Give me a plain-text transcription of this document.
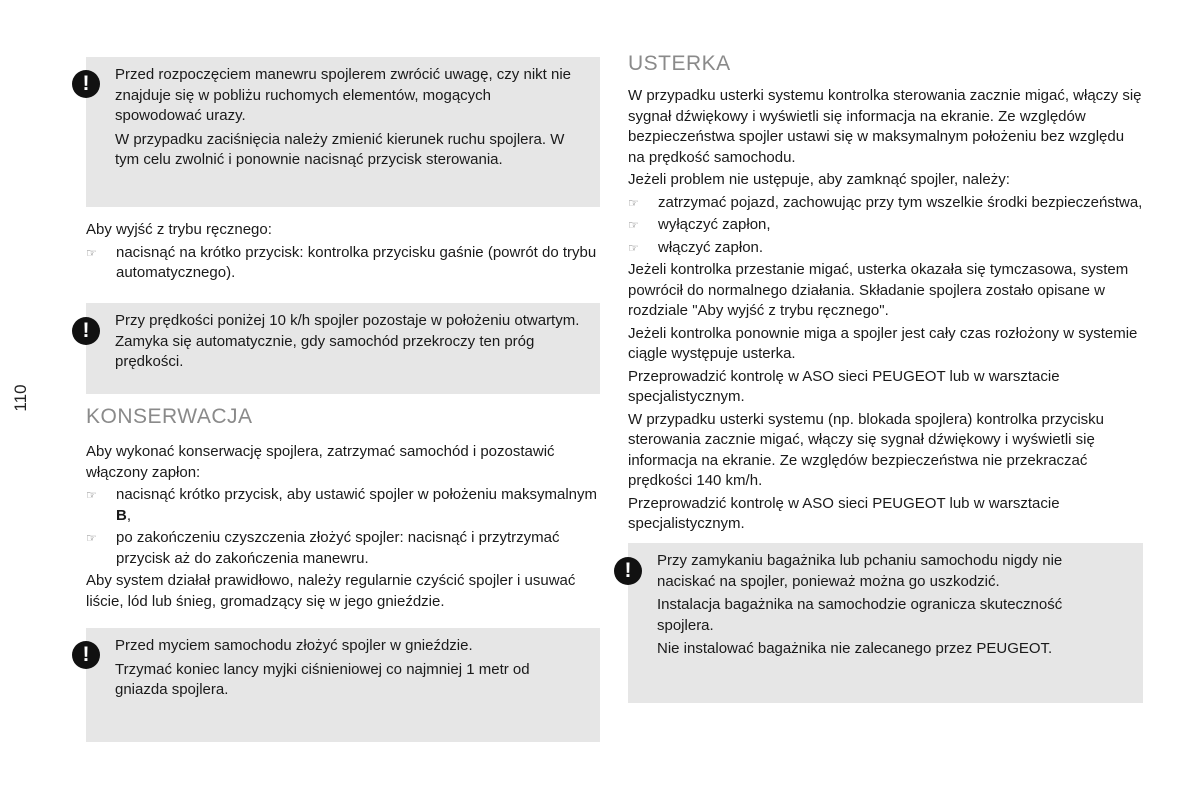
110
!	Przed rozpoczęciem manewru spojlerem zwrócić uwagę, czy nikt nie znajduje się w pobliżu ruchomych elementów, mogących spowodować urazy.

W przypadku zaciśnięcia należy zmienić kierunek ruchu spojlera. W tym celu zwolnić i ponownie nacisnąć przycisk sterowania.

Aby wyjść z trybu ręcznego:

☞ nacisnąć na krótko przycisk: kontrolka przycisku gaśnie (powrót do trybu automatycznego).
!	Przy prędkości poniżej 10 k/h spojler pozostaje w położeniu otwartym. Zamyka się automatycznie, gdy samochód przekroczy ten próg prędkości.

KONSERWACJA

Aby wykonać konserwację spojlera, zatrzymać samochód i pozostawić włączony zapłon:

☞ nacisnąć krótko przycisk, aby ustawić spojler w położeniu maksymalnym B,
☞ po zakończeniu czyszczenia złożyć spojler: nacisnąć i przytrzymać przycisk aż do zakończenia manewru.

Aby system działał prawidłowo, należy regularnie czyścić spojler i usuwać liście, lód lub śnieg, gromadzący się w jego gnieździe.

!	Przed myciem samochodu złożyć spojler w gnieździe.

Trzymać koniec lancy myjki ciśnieniowej co najmniej 1 metr od gniazda spojlera.

USTERKA

W przypadku usterki systemu kontrolka sterowania zacznie migać, włączy się sygnał dźwiękowy i wyświetli się informacja na ekranie. Ze względów bezpieczeństwa spojler ustawi się w maksymalnym położeniu bez względu na prędkość samochodu.

Jeżeli problem nie ustępuje, aby zamknąć spojler, należy:

☞ zatrzymać pojazd, zachowując przy tym wszelkie środki bezpieczeństwa,
☞ wyłączyć zapłon,
☞ włączyć zapłon.

Jeżeli kontrolka przestanie migać, usterka okazała się tymczasowa, system powrócił do normalnego działania. Składanie spojlera zostało opisane w rozdziale "Aby wyjść z trybu ręcznego".

Jeżeli kontrolka ponownie miga a spojler jest cały czas rozłożony w systemie ciągle występuje usterka.

Przeprowadzić kontrolę w ASO sieci PEUGEOT lub w warsztacie specjalistycznym.

W przypadku usterki systemu (np. blokada spojlera) kontrolka przycisku sterowania zacznie migać, włączy się sygnał dźwiękowy i wyświetli się informacja na ekranie. Ze względów bezpieczeństwa nie przekraczać prędkości 140 km/h.

Przeprowadzić kontrolę w ASO sieci PEUGEOT lub w warsztacie specjalistycznym.

!	Przy zamykaniu bagażnika lub pchaniu samochodu nigdy nie naciskać na spojler, ponieważ można go uszkodzić.

Instalacja bagażnika na samochodzie ogranicza skuteczność spojlera.

Nie instalować bagażnika nie zalecanego przez PEUGEOT.
